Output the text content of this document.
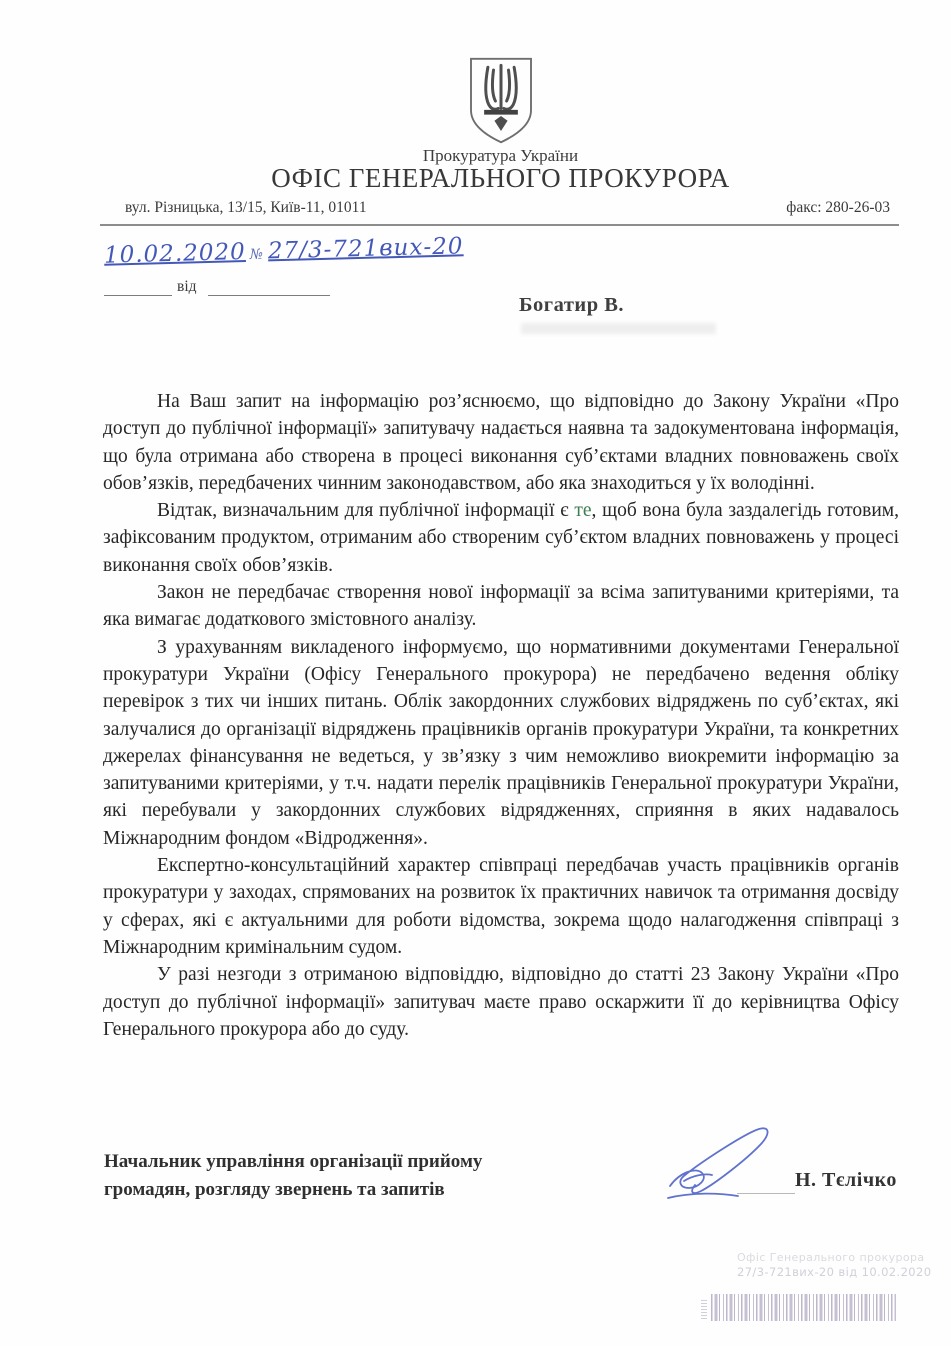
Прокуратура України
ОФІС ГЕНЕРАЛЬНОГО ПРОКУРОРА
вул. Різницька, 13/15, Київ-11, 01011	факс: 280-26-03
10.02.2020 № 27/3-721вих-20
від
Богатир В.

На Ваш запит на інформацію роз’яснюємо, що відповідно до Закону України «Про доступ до публічної інформації» запитувачу надається наявна та задокументована інформація, що була отримана або створена в процесі виконання суб’єктами владних повноважень своїх обов’язків, передбачених чинним законодавством, або яка знаходиться у їх володінні.

Відтак, визначальним для публічної інформації є те, щоб вона була заздалегідь готовим, зафіксованим продуктом, отриманим або створеним суб’єктом владних повноважень у процесі виконання своїх обов’язків.

Закон не передбачає створення нової інформації за всіма запитуваними критеріями, та яка вимагає додаткового змістовного аналізу.

З урахуванням викладеного інформуємо, що нормативними документами Генеральної прокуратури України (Офісу Генерального прокурора) не передбачено ведення обліку перевірок з тих чи інших питань. Облік закордонних службових відряджень по суб’єктах, які залучалися до організації відряджень працівників органів прокуратури України, та конкретних джерелах фінансування не ведеться, у зв’язку з чим неможливо виокремити інформацію за запитуваними критеріями, у т.ч. надати перелік працівників Генеральної прокуратури України, які перебували у закордонних службових відрядженнях, сприяння в яких надавалось Міжнародним фондом «Відродження».

Експертно-консультаційний характер співпраці передбачав участь працівників органів прокуратури у заходах, спрямованих на розвиток їх практичних навичок та отримання досвіду у сферах, які є актуальними для роботи відомства, зокрема щодо налагодження співпраці з Міжнародним кримінальним судом.

У разі незгоди з отриманою відповіддю, відповідно до статті 23 Закону України «Про доступ до публічної інформації» запитувач маєте право оскаржити її до керівництва Офісу Генерального прокурора або до суду.

Начальник управління організації прийому
громадян, розгляду звернень та запитів	Н. Тєлічко
Офіс Генерального прокурора
27/3-721вих-20 від 10.02.2020
